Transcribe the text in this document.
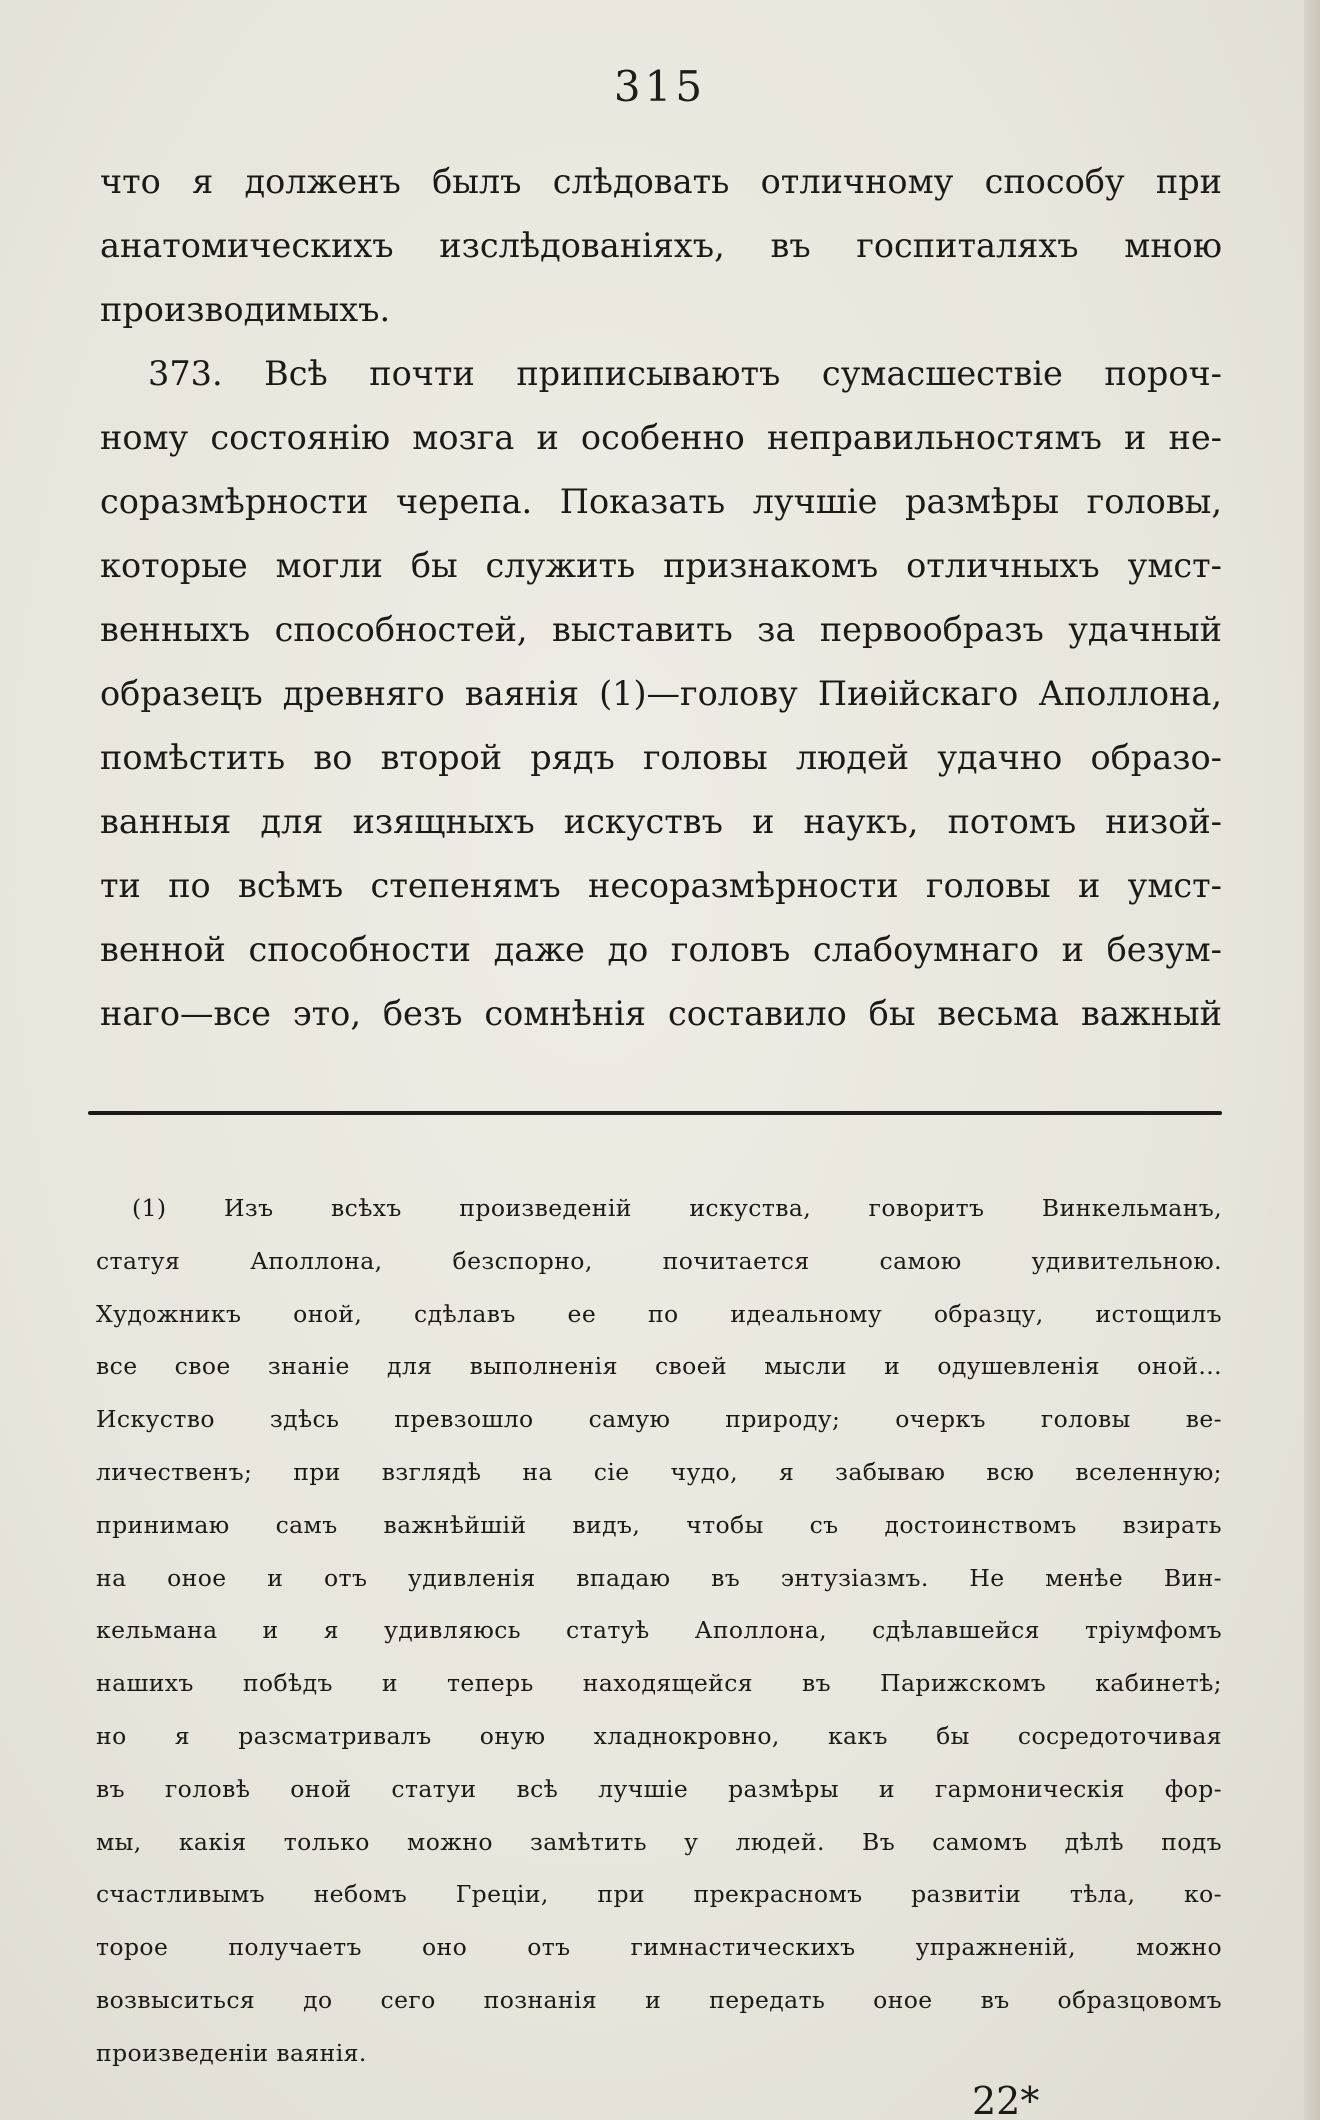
315
что я долженъ былъ слѣдовать отличному способу при
анатомическихъ изслѣдованіяхъ, въ госпиталяхъ мною
производимыхъ.
373. Всѣ почти приписываютъ сумасшествіе пороч-
ному состоянію мозга и особенно неправильностямъ и не-
соразмѣрности черепа. Показать лучшіе размѣры головы,
которые могли бы служить признакомъ отличныхъ умст-
венныхъ способностей, выставить за первообразъ удачный
образецъ древняго ваянія (1)—голову Пиѳійскаго Аполлона,
помѣстить во второй рядъ головы людей удачно образо-
ванныя для изящныхъ искуствъ и наукъ, потомъ низой-
ти по всѣмъ степенямъ несоразмѣрности головы и умст-
венной способности даже до головъ слабоумнаго и безум-
наго—все это, безъ сомнѣнія составило бы весьма важный
(1) Изъ всѣхъ произведеній искуства, говоритъ Винкельманъ,
статуя Аполлона, безспорно, почитается самою удивительною.
Художникъ оной, сдѣлавъ ее по идеальному образцу, истощилъ
все свое знаніе для выполненія своей мысли и одушевленія оной...
Искуство здѣсь превзошло самую природу; очеркъ головы ве-
личественъ; при взглядѣ на сіе чудо, я забываю всю вселенную;
принимаю самъ важнѣйшій видъ, чтобы съ достоинствомъ взирать
на оное и отъ удивленія впадаю въ энтузіазмъ. Не менѣе Вин-
кельмана и я удивляюсь статуѣ Аполлона, сдѣлавшейся тріумфомъ
нашихъ побѣдъ и теперь находящейся въ Парижскомъ кабинетѣ;
но я разсматривалъ оную хладнокровно, какъ бы сосредоточивая
въ головѣ оной статуи всѣ лучшіе размѣры и гармоническія фор-
мы, какія только можно замѣтить у людей. Въ самомъ дѣлѣ подъ
счастливымъ небомъ Греціи, при прекрасномъ развитіи тѣла, ко-
торое получаетъ оно отъ гимнастическихъ упражненій, можно
возвыситься до сего познанія и передать оное въ образцовомъ
произведеніи ваянія.
22*
